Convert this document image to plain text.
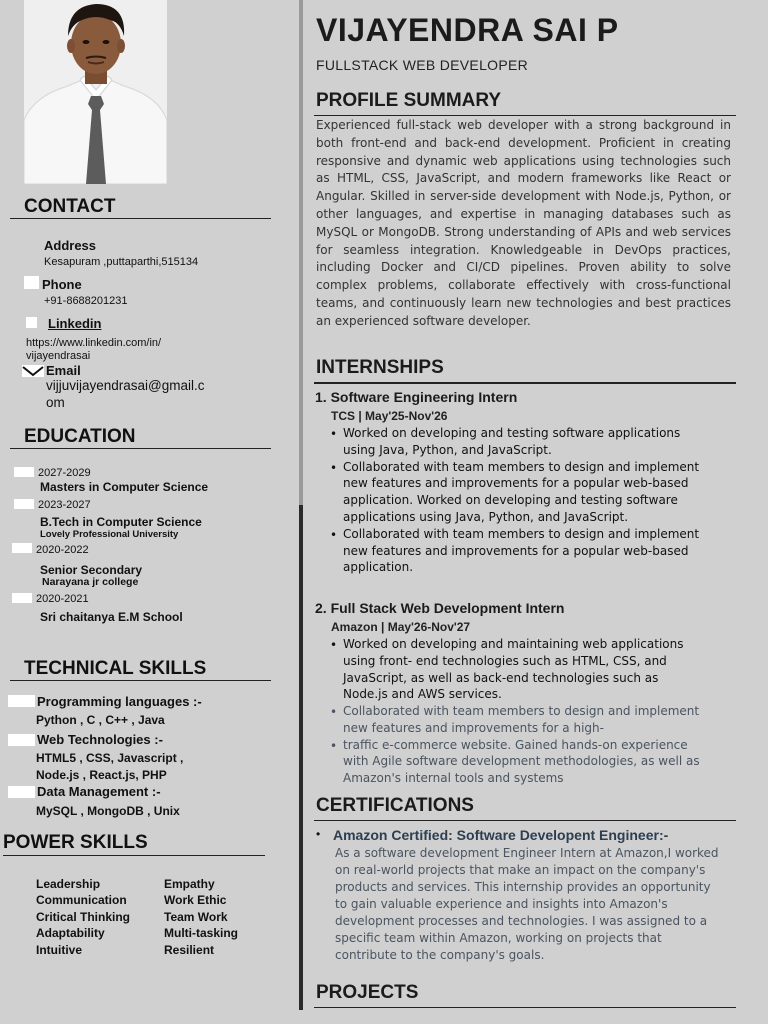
CONTACT
Address
Kesapuram ,puttaparthi,515134
Phone
+91-8688201231
Linkedin
https://www.linkedin.com/in/
vijayendrasai
Email
vijjuvijayendrasai@gmail.c
om
EDUCATION
2027-2029
Masters in Computer Science
2023-2027
B.Tech in Computer Science
Lovely Professional University
2020-2022
Senior Secondary
Narayana jr college
2020-2021
Sri chaitanya E.M School
TECHNICAL SKILLS
Programming languages :-
Python , C , C++ , Java
Web Technologies :-
HTML5 , CSS, Javascript ,
Node.js , React.js, PHP
Data Management :-
MySQL , MongoDB , Unix
POWER SKILLS
Leadership
Communication
Critical Thinking
Adaptability
Intuitive
Empathy
Work Ethic
Team Work
Multi-tasking
Resilient
VIJAYENDRA SAI P
FULLSTACK WEB DEVELOPER
PROFILE SUMMARY
Experienced full-stack web developer with a strong background in both front-end and back-end development. Proficient in creating responsive and dynamic web applications using technologies such as HTML, CSS, JavaScript, and modern frameworks like React or Angular. Skilled in server-side development with Node.js, Python, or other languages, and expertise in managing databases such as MySQL or MongoDB. Strong understanding of APIs and web services for seamless integration. Knowledgeable in DevOps practices, including Docker and CI/CD pipelines. Proven ability to solve complex problems, collaborate effectively with cross-functional teams, and continuously learn new technologies and best practices an experienced software developer.
INTERNSHIPS
1. Software Engineering Intern
TCS | May'25-Nov'26
• Worked on developing and testing software applications using Java, Python, and JavaScript.
• Collaborated with team members to design and implement new features and improvements for a popular web-based application. Worked on developing and testing software applications using Java, Python, and JavaScript.
• Collaborated with team members to design and implement new features and improvements for a popular web-based application.
2. Full Stack Web Development Intern
Amazon | May'26-Nov'27
• Worked on developing and maintaining web applications using front- end technologies such as HTML, CSS, and JavaScript, as well as back-end technologies such as Node.js and AWS services.
• Collaborated with team members to design and implement new features and improvements for a high-
• traffic e-commerce website. Gained hands-on experience with Agile software development methodologies, as well as Amazon's internal tools and systems
CERTIFICATIONS
• Amazon Certified: Software Developent Engineer:-
As a software development Engineer Intern at Amazon,I worked on real-world projects that make an impact on the company's products and services. This internship provides an opportunity to gain valuable experience and insights into Amazon's development processes and technologies. I was assigned to a specific team within Amazon, working on projects that contribute to the company's goals.
PROJECTS
